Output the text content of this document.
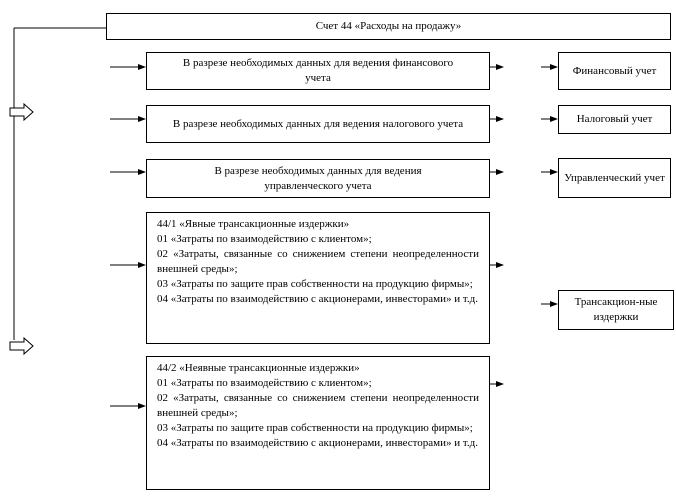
Счет 44 «Расходы на продажу»
В разрезе необходимых данных для ведения финансового учета
В разрезе необходимых данных для ведения налогового учета
В разрезе необходимых данных для ведения управленческого учета
44/1 «Явные трансакционные издержки»
01 «Затраты по взаимодействию с клиентом»;
02 «Затраты, связанные со снижением степени неопределенности внешней среды»;
03 «Затраты по защите прав собственности на продукцию фирмы»;
04 «Затраты по взаимодействию с акционерами, инвесторами» и т.д.
44/2 «Неявные трансакционные издержки»
01 «Затраты по взаимодействию с клиентом»;
02 «Затраты, связанные со снижением степени неопределенности внешней среды»;
03 «Затраты по защите прав собственности на продукцию фирмы»;
04 «Затраты по взаимодействию с акционерами, инвесторами» и т.д.
Финансовый учет
Налоговый учет
Управленческий учет
Трансакцион-ные издержки
